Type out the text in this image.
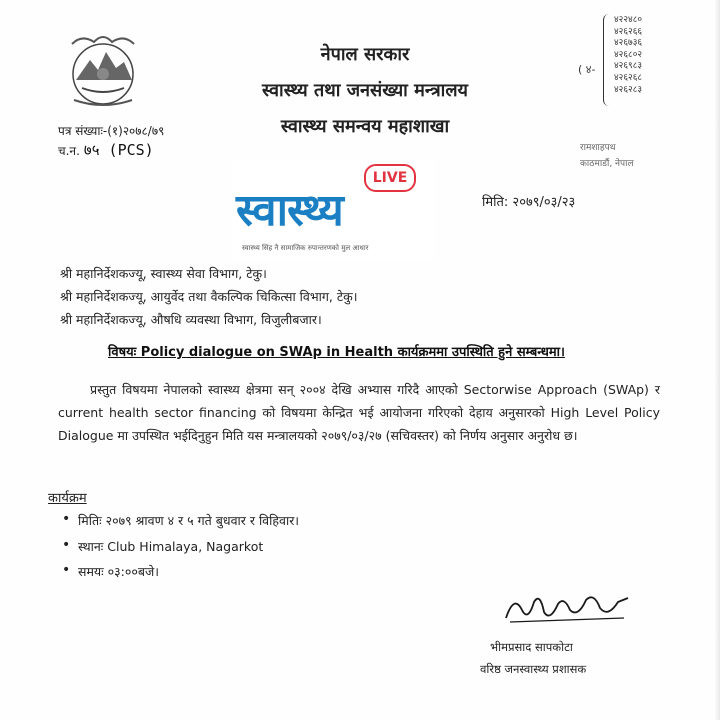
नेपाल सरकार
स्वास्थ्य तथा जनसंख्या मन्त्रालय
स्वास्थ्य समन्वय महाशाखा
पत्र संख्याः-(१)२०७८/७९
च.न. ७५ (PCS)
( ४-
४२२४८०
४२६२६६
४२६७३६
४२६८०२
४२६९८३
४२६२६८
४२६२८३
रामशाहपथ
काठमाडौं, नेपाल
मिति: २०७९/०३/२३
स्वास्थ्य
LIVE
स्वास्थ्य सिंह नै सामाजिक रुपान्तरणको मुल आधार
श्री महानिर्देशकज्यू, स्वास्थ्य सेवा विभाग, टेकु।
श्री महानिर्देशकज्यू, आयुर्वेद तथा वैकल्पिक चिकित्सा विभाग, टेकु।
श्री महानिर्देशकज्यू, औषधि व्यवस्था विभाग, विजुलीबजार।
विषयः Policy dialogue on SWAp in Health कार्यक्रममा उपस्थिति हुने सम्बन्धमा।
प्रस्तुत विषयमा नेपालको स्वास्थ्य क्षेत्रमा सन् २००४ देखि अभ्यास गरिदै आएको Sectorwise Approach (SWAp) र current health sector financing को विषयमा केन्द्रित भई आयोजना गरिएको देहाय अनुसारको High Level Policy Dialogue मा उपस्थित भईदिनुहुन मिति यस मन्त्रालयको २०७९/०३/२७ (सचिवस्तर) को निर्णय अनुसार अनुरोध छ।
कार्यक्रम
• मितिः २०७९ श्रावण ४ र ५ गते बुधवार र विहिवार।
• स्थानः Club Himalaya, Nagarkot
• समयः ०३:००बजे।
भीमप्रसाद सापकोटा
वरिष्ठ जनस्वास्थ्य प्रशासक
